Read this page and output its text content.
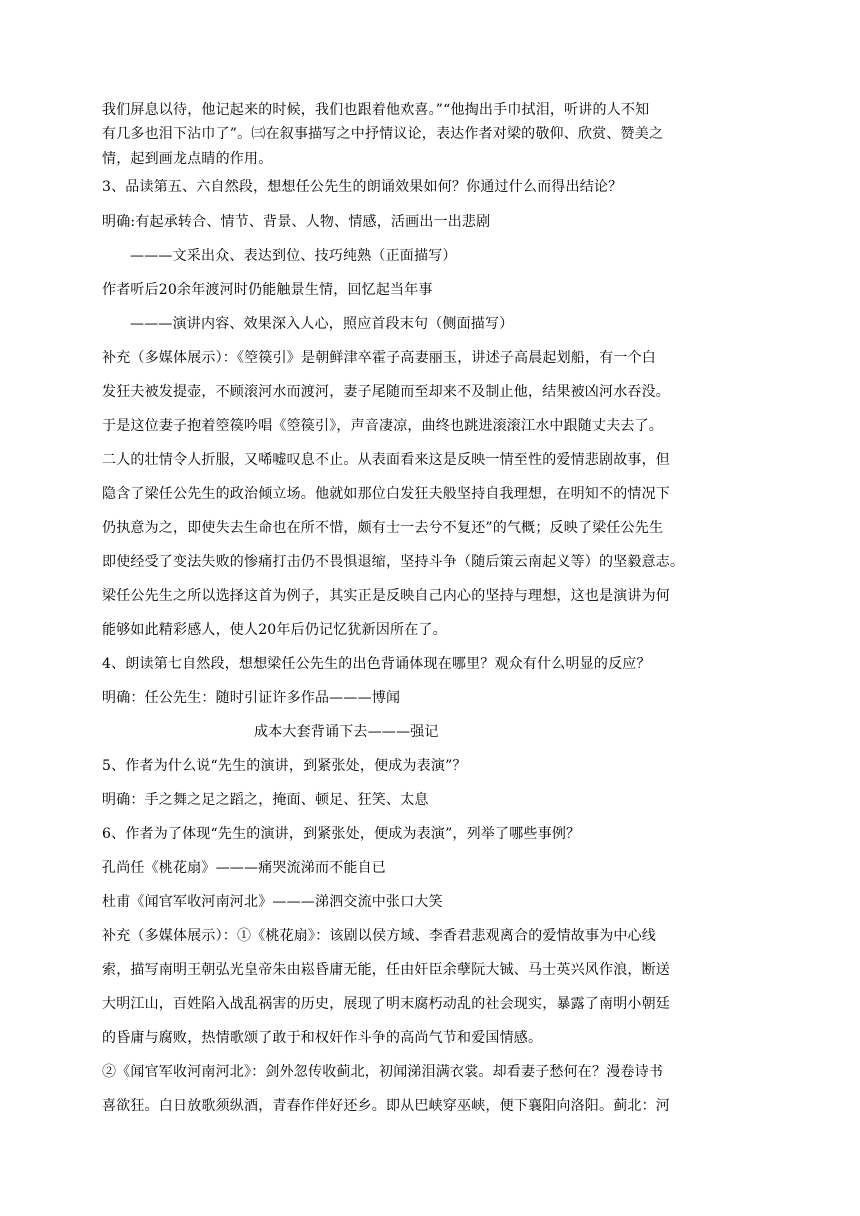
我们屏息以待，他记起来的时候，我们也跟着他欢喜。”“他掏出手巾拭泪，听讲的人不知
有几多也泪下沾巾了”。㈢在叙事描写之中抒情议论，表达作者对梁的敬仰、欣赏、赞美之
情，起到画龙点睛的作用。
3、品读第五、六自然段，想想任公先生的朗诵效果如何？你通过什么而得出结论？
明确:有起承转合、情节、背景、人物、情感，活画出一出悲剧
———文采出众、表达到位、技巧纯熟（正面描写）
作者听后20余年渡河时仍能触景生情，回忆起当年事
———演讲内容、效果深入人心，照应首段末句（侧面描写）
补充（多媒体展示）：《箜篌引》是朝鲜津卒霍子高妻丽玉，讲述子高晨起划船，有一个白
发狂夫被发提壶，不顾滚河水而渡河，妻子尾随而至却来不及制止他，结果被凶河水吞没。
于是这位妻子抱着箜篌吟唱《箜篌引》，声音凄凉，曲终也跳进滚滚江水中跟随丈夫去了。
二人的壮情令人折服，又唏嘘叹息不止。从表面看来这是反映一情至性的爱情悲剧故事，但
隐含了梁任公先生的政治倾立场。他就如那位白发狂夫般坚持自我理想，在明知不的情况下
仍执意为之，即使失去生命也在所不惜，颇有士一去兮不复还”的气概；反映了梁任公先生
即使经受了变法失败的惨痛打击仍不畏惧退缩，坚持斗争（随后策云南起义等）的坚毅意志。
梁任公先生之所以选择这首为例子，其实正是反映自己内心的坚持与理想，这也是演讲为何
能够如此精彩感人，使人20年后仍记忆犹新因所在了。
4、朗读第七自然段，想想梁任公先生的出色背诵体现在哪里？观众有什么明显的反应？
明确：任公先生：随时引证许多作品———博闻
成本大套背诵下去———强记
5、作者为什么说“先生的演讲，到紧张处，便成为表演”？
明确：手之舞之足之蹈之，掩面、顿足、狂笑、太息
6、作者为了体现“先生的演讲，到紧张处，便成为表演”，列举了哪些事例？
孔尚任《桃花扇》———痛哭流涕而不能自已
杜甫《闻官军收河南河北》———涕泗交流中张口大笑
补充（多媒体展示）：①《桃花扇》：该剧以侯方域、李香君悲观离合的爱情故事为中心线
索，描写南明王朝弘光皇帝朱由崧昏庸无能，任由奸臣余孽阮大铖、马士英兴风作浪，断送
大明江山，百姓陷入战乱祸害的历史，展现了明末腐朽动乱的社会现实，暴露了南明小朝廷
的昏庸与腐败，热情歌颂了敢于和权奸作斗争的高尚气节和爱国情感。
②《闻官军收河南河北》：剑外忽传收蓟北，初闻涕泪满衣裳。却看妻子愁何在？漫卷诗书
喜欲狂。白日放歌须纵酒，青春作伴好还乡。即从巴峡穿巫峡，便下襄阳向洛阳。蓟北：河
